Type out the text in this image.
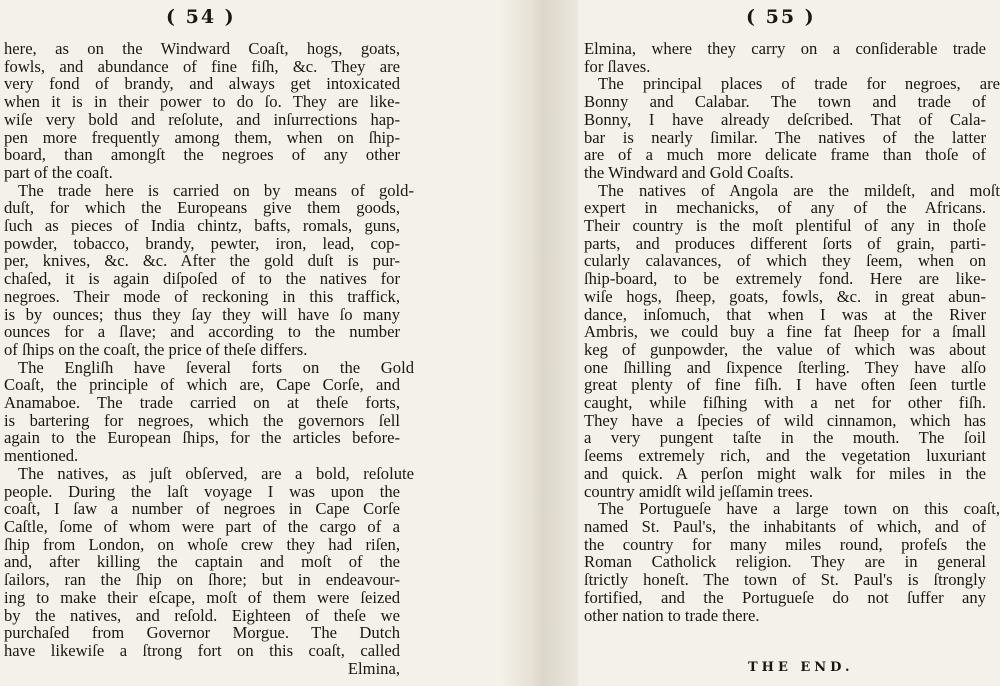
( 54 )
here, as on the Windward Coaſt, hogs, goats,
fowls, and abundance of fine fiſh, &c. They are
very fond of brandy, and always get intoxicated
when it is in their power to do ſo. They are like-
wiſe very bold and reſolute, and inſurrections hap-
pen more frequently among them, when on ſhip-
board, than amongſt the negroes of any other
part of the coaſt.
The trade here is carried on by means of gold-
duſt, for which the Europeans give them goods,
ſuch as pieces of India chintz, bafts, romals, guns,
powder, tobacco, brandy, pewter, iron, lead, cop-
per, knives, &c. &c. After the gold duſt is pur-
chaſed, it is again diſpoſed of to the natives for
negroes. Their mode of reckoning in this traffick,
is by ounces; thus they ſay they will have ſo many
ounces for a ſlave; and according to the number
of ſhips on the coaſt, the price of theſe differs.
The Engliſh have ſeveral forts on the Gold
Coaſt, the principle of which are, Cape Corſe, and
Anamaboe. The trade carried on at theſe forts,
is bartering for negroes, which the governors ſell
again to the European ſhips, for the articles before-
mentioned.
The natives, as juſt obſerved, are a bold, reſolute
people. During the laſt voyage I was upon the
coaſt, I ſaw a number of negroes in Cape Corſe
Caſtle, ſome of whom were part of the cargo of a
ſhip from London, on whoſe crew they had riſen,
and, after killing the captain and moſt of the
ſailors, ran the ſhip on ſhore; but in endeavour-
ing to make their eſcape, moſt of them were ſeized
by the natives, and reſold. Eighteen of theſe we
purchaſed from Governor Morgue. The Dutch
have likewiſe a ſtrong fort on this coaſt, called
Elmina,
( 55 )
Elmina, where they carry on a conſiderable trade
for ſlaves.
The principal places of trade for negroes, are
Bonny and Calabar. The town and trade of
Bonny, I have already deſcribed. That of Cala-
bar is nearly ſimilar. The natives of the latter
are of a much more delicate frame than thoſe of
the Windward and Gold Coaſts.
The natives of Angola are the mildeſt, and moſt
expert in mechanicks, of any of the Africans.
Their country is the moſt plentiful of any in thoſe
parts, and produces different ſorts of grain, parti-
cularly calavances, of which they ſeem, when on
ſhip-board, to be extremely fond. Here are like-
wiſe hogs, ſheep, goats, fowls, &c. in great abun-
dance, inſomuch, that when I was at the River
Ambris, we could buy a fine fat ſheep for a ſmall
keg of gunpowder, the value of which was about
one ſhilling and ſixpence ſterling. They have alſo
great plenty of fine fiſh. I have often ſeen turtle
caught, while fiſhing with a net for other fiſh.
They have a ſpecies of wild cinnamon, which has
a very pungent taſte in the mouth. The ſoil
ſeems extremely rich, and the vegetation luxuriant
and quick. A perſon might walk for miles in the
country amidſt wild jeſſamin trees.
The Portugueſe have a large town on this coaſt,
named St. Paul's, the inhabitants of which, and of
the country for many miles round, profeſs the
Roman Catholick religion. They are in general
ſtrictly honeſt. The town of St. Paul's is ſtrongly
fortified, and the Portugueſe do not ſuffer any
other nation to trade there.
THE END.
